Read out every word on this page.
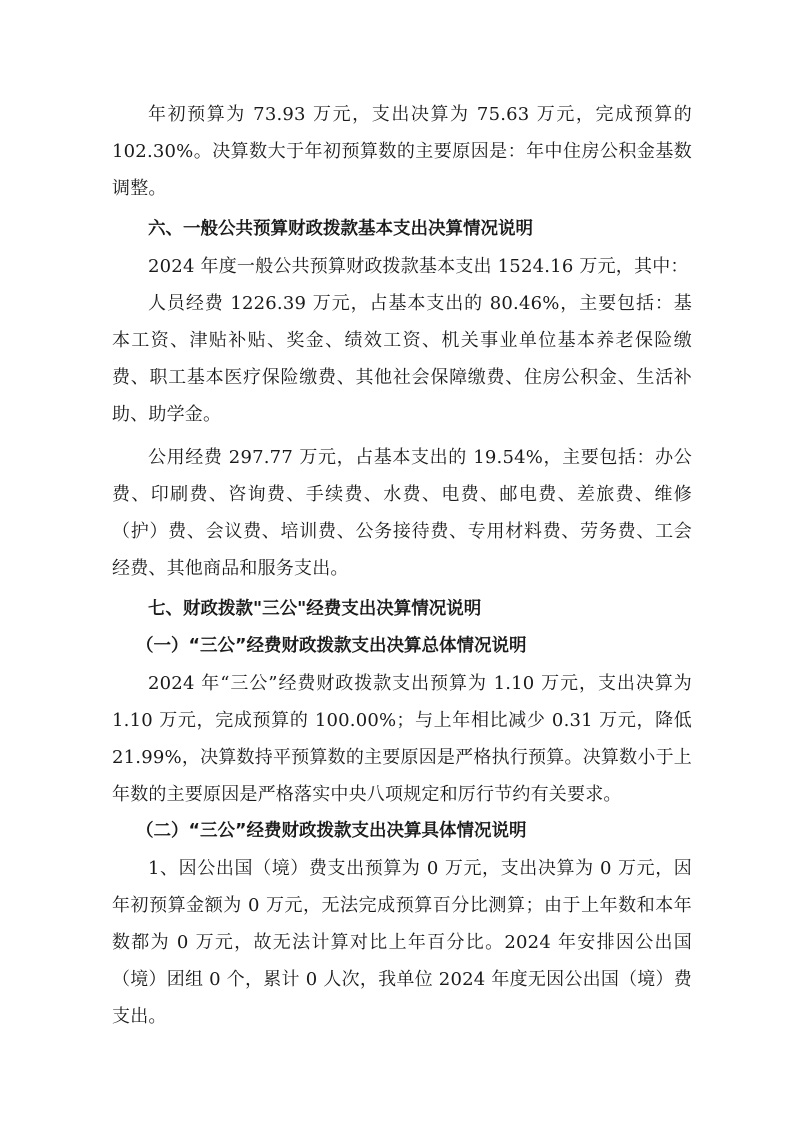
年初预算为 73.93 万元，支出决算为 75.63 万元，完成预算的 102.30%。决算数大于年初预算数的主要原因是：年中住房公积金基数调整。

六、一般公共预算财政拨款基本支出决算情况说明

2024 年度一般公共预算财政拨款基本支出 1524.16 万元，其中：

人员经费 1226.39 万元，占基本支出的 80.46%，主要包括：基本工资、津贴补贴、奖金、绩效工资、机关事业单位基本养老保险缴费、职工基本医疗保险缴费、其他社会保障缴费、住房公积金、生活补助、助学金。

公用经费 297.77 万元，占基本支出的 19.54%，主要包括：办公费、印刷费、咨询费、手续费、水费、电费、邮电费、差旅费、维修（护）费、会议费、培训费、公务接待费、专用材料费、劳务费、工会经费、其他商品和服务支出。

七、财政拨款"三公"经费支出决算情况说明

（一）“三公”经费财政拨款支出决算总体情况说明

2024 年“三公”经费财政拨款支出预算为 1.10 万元，支出决算为 1.10 万元，完成预算的 100.00%；与上年相比减少 0.31 万元，降低 21.99%，决算数持平预算数的主要原因是严格执行预算。决算数小于上年数的主要原因是严格落实中央八项规定和厉行节约有关要求。

（二）“三公”经费财政拨款支出决算具体情况说明

1、因公出国（境）费支出预算为 0 万元，支出决算为 0 万元，因年初预算金额为 0 万元，无法完成预算百分比测算；由于上年数和本年数都为 0 万元，故无法计算对比上年百分比。2024 年安排因公出国（境）团组 0 个，累计 0 人次，我单位 2024 年度无因公出国（境）费支出。
